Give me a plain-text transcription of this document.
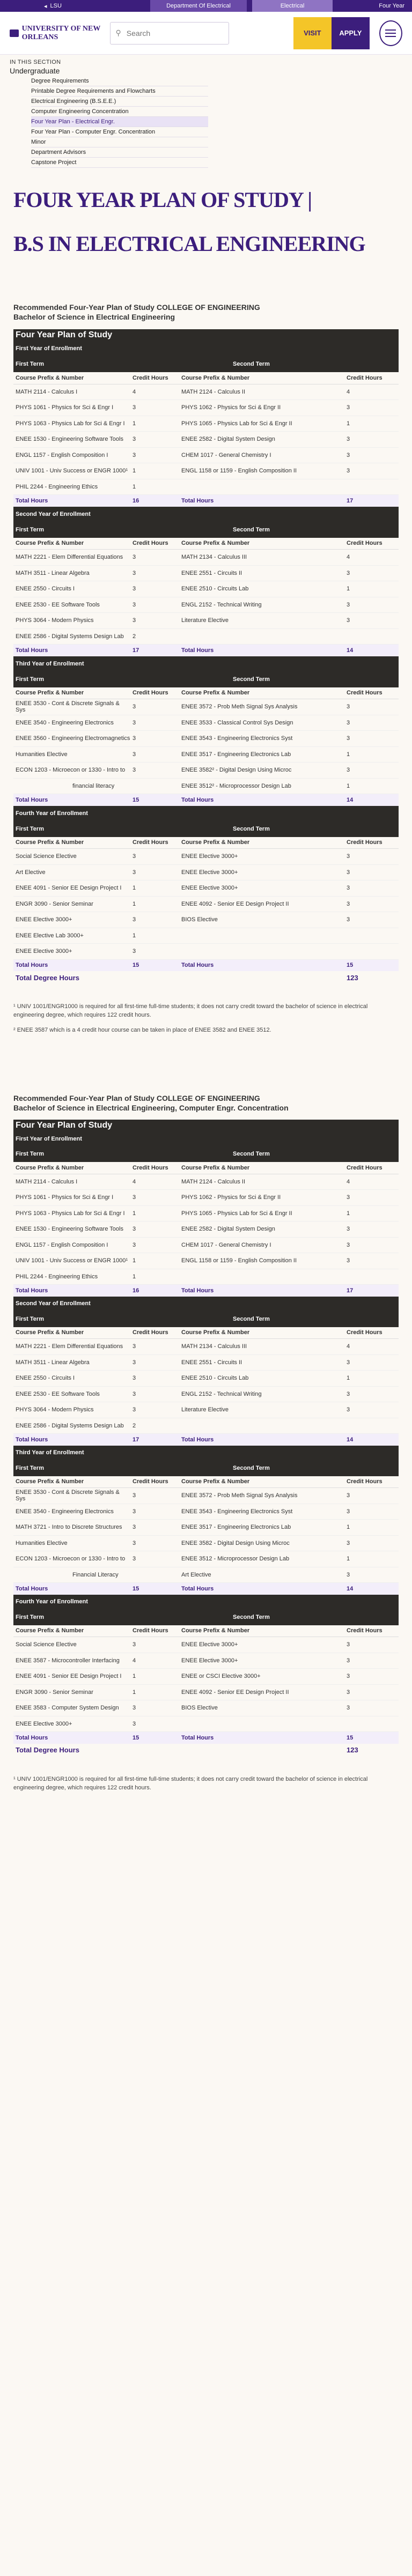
◂ LSU	Department Of Electrical	Electrical	Four Year
UNIVERSITY OF NEW ORLEANS	⚲
Search	VISIT	APPLY
IN THIS SECTION
Undergraduate
Degree Requirements
Printable Degree Requirements and Flowcharts
Electrical Engineering (B.S.E.E.)
Computer Engineering Concentration
Four Year Plan - Electrical Engr.
Four Year Plan - Computer Engr. Concentration
Minor
Department Advisors
Capstone Project
FOUR YEAR PLAN OF STUDY |
B.S IN ELECTRICAL ENGINEERING
Recommended Four-Year Plan of Study COLLEGE OF ENGINEERING
Bachelor of Science in Electrical Engineering
Four Year Plan of Study			
First Year of Enrollment			
First Term		Second Term	
Course Prefix & Number	Credit Hours	Course Prefix & Number	Credit Hours
MATH 2114 - Calculus I	4	MATH 2124 - Calculus II	4
PHYS 1061 - Physics for Sci & Engr I	3	PHYS 1062 - Physics for Sci & Engr II	3
PHYS 1063 - Physics Lab for Sci & Engr I	1	PHYS 1065 - Physics Lab for Sci & Engr II	1
ENEE 1530 - Engineering Software Tools	3	ENEE 2582 - Digital System Design	3
ENGL 1157 - English Composition I	3	CHEM 1017 - General Chemistry I	3
UNIV 1001 - Univ Success or ENGR 1000¹	1	ENGL 1158 or 1159 - English Composition II	3
PHIL 2244 - Engineering Ethics	1		
Total Hours	16	Total Hours	17
Second Year of Enrollment			
First Term		Second Term	
Course Prefix & Number	Credit Hours	Course Prefix & Number	Credit Hours
MATH 2221 - Elem Differential Equations	3	MATH 2134 - Calculus III	4
MATH 3511 - Linear Algebra	3	ENEE 2551 - Circuits II	3
ENEE 2550 - Circuits I	3	ENEE 2510 - Circuits Lab	1
ENEE 2530 - EE Software Tools	3	ENGL 2152 - Technical Writing	3
PHYS 3064 - Modern Physics	3	Literature Elective	3
ENEE 2586 - Digital Systems Design Lab	2		
Total Hours	17	Total Hours	14
Third Year of Enrollment			
First Term		Second Term	
Course Prefix & Number	Credit Hours	Course Prefix & Number	Credit Hours
ENEE 3530 - Cont & Discrete Signals & Sys	3	ENEE 3572 - Prob Meth Signal Sys Analysis	3
ENEE 3540 - Engineering Electronics	3	ENEE 3533 - Classical Control Sys Design	3
ENEE 3560 - Engineering Electromagnetics	3	ENEE 3543 - Engineering Electronics Syst	3
Humanities Elective	3	ENEE 3517 - Engineering Electronics Lab	1
ECON 1203 - Microecon or 1330 - Intro to	3	ENEE 3582² - Digital Design Using Microc	3
financial literacy		ENEE 3512² - Microprocessor Design Lab	1
Total Hours	15	Total Hours	14
Fourth Year of Enrollment			
First Term		Second Term	
Course Prefix & Number	Credit Hours	Course Prefix & Number	Credit Hours
Social Science Elective	3	ENEE Elective 3000+	3
Art Elective	3	ENEE Elective 3000+	3
ENEE 4091 - Senior EE Design Project I	1	ENEE Elective 3000+	3
ENGR 3090 - Senior Seminar	1	ENEE 4092 - Senior EE Design Project II	3
ENEE Elective 3000+	3	BIOS Elective	3
ENEE Elective Lab 3000+	1		
ENEE Elective 3000+	3		
Total Hours	15	Total Hours	15
Total Degree Hours			123

¹ UNIV 1001/ENGR1000 is required for all first-time full-time students; it does not carry credit toward the bachelor of science in electrical engineering degree, which requires 122 credit hours.

² ENEE 3587 which is a 4 credit hour course can be taken in place of ENEE 3582 and ENEE 3512.

Recommended Four-Year Plan of Study COLLEGE OF ENGINEERING
Bachelor of Science in Electrical Engineering, Computer Engr. Concentration
Four Year Plan of Study			
First Year of Enrollment			
First Term		Second Term	
Course Prefix & Number	Credit Hours	Course Prefix & Number	Credit Hours
MATH 2114 - Calculus I	4	MATH 2124 - Calculus II	4
PHYS 1061 - Physics for Sci & Engr I	3	PHYS 1062 - Physics for Sci & Engr II	3
PHYS 1063 - Physics Lab for Sci & Engr I	1	PHYS 1065 - Physics Lab for Sci & Engr II	1
ENEE 1530 - Engineering Software Tools	3	ENEE 2582 - Digital System Design	3
ENGL 1157 - English Composition I	3	CHEM 1017 - General Chemistry I	3
UNIV 1001 - Univ Success or ENGR 1000¹	1	ENGL 1158 or 1159 - English Composition II	3
PHIL 2244 - Engineering Ethics	1		
Total Hours	16	Total Hours	17
Second Year of Enrollment			
First Term		Second Term	
Course Prefix & Number	Credit Hours	Course Prefix & Number	Credit Hours
MATH 2221 - Elem Differential Equations	3	MATH 2134 - Calculus III	4
MATH 3511 - Linear Algebra	3	ENEE 2551 - Circuits II	3
ENEE 2550 - Circuits I	3	ENEE 2510 - Circuits Lab	1
ENEE 2530 - EE Software Tools	3	ENGL 2152 - Technical Writing	3
PHYS 3064 - Modern Physics	3	Literature Elective	3
ENEE 2586 - Digital Systems Design Lab	2		
Total Hours	17	Total Hours	14
Third Year of Enrollment			
First Term		Second Term	
Course Prefix & Number	Credit Hours	Course Prefix & Number	Credit Hours
ENEE 3530 - Cont & Discrete Signals & Sys	3	ENEE 3572 - Prob Meth Signal Sys Analysis	3
ENEE 3540 - Engineering Electronics	3	ENEE 3543 - Engineering Electronics Syst	3
MATH 3721 - Intro to Discrete Structures	3	ENEE 3517 - Engineering Electronics Lab	1
Humanities Elective	3	ENEE 3582 - Digital Design Using Microc	3
ECON 1203 - Microecon or 1330 - Intro to	3	ENEE 3512 - Microprocessor Design Lab	1
Financial Literacy		Art Elective	3
Total Hours	15	Total Hours	14
Fourth Year of Enrollment			
First Term		Second Term	
Course Prefix & Number	Credit Hours	Course Prefix & Number	Credit Hours
Social Science Elective	3	ENEE Elective 3000+	3
ENEE 3587 - Microcontroller Interfacing	4	ENEE Elective 3000+	3
ENEE 4091 - Senior EE Design Project I	1	ENEE or CSCI Elective 3000+	3
ENGR 3090 - Senior Seminar	1	ENEE 4092 - Senior EE Design Project II	3
ENEE 3583 - Computer System Design	3	BIOS Elective	3
ENEE Elective 3000+	3		
Total Hours	15	Total Hours	15
Total Degree Hours			123

¹ UNIV 1001/ENGR1000 is required for all first-time full-time students; it does not carry credit toward the bachelor of science in electrical engineering degree, which requires 122 credit hours.
